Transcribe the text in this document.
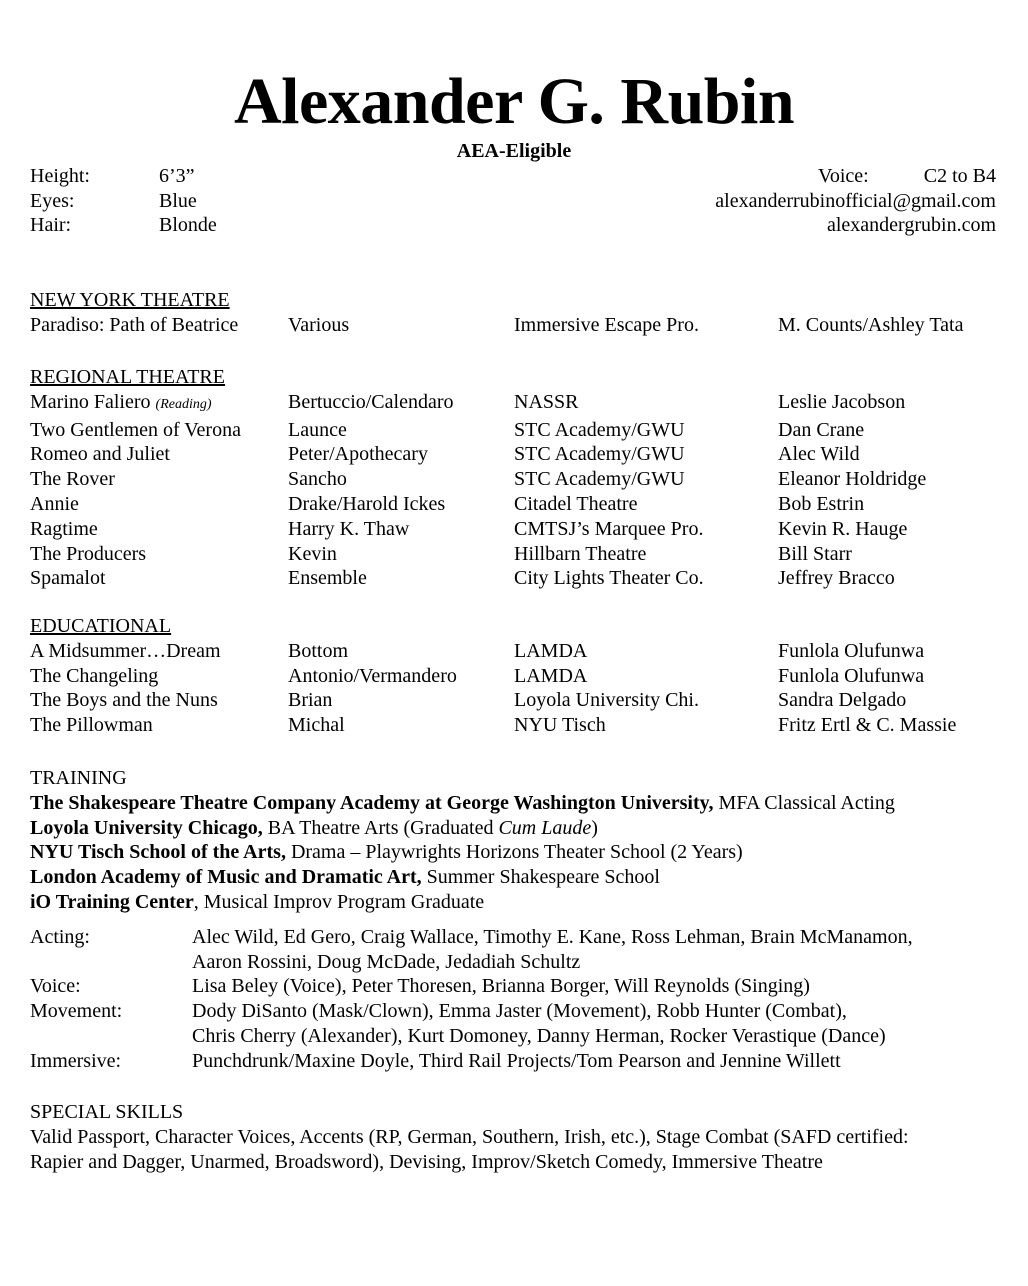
Alexander G. Rubin
AEA-Eligible
Height:	6’3”
Eyes:	Blue
Hair:	Blonde
Voice:	C2 to B4
alexanderrubinofficial@gmail.com
alexandergrubin.com
NEW YORK THEATRE
Paradiso: Path of Beatrice	Various	Immersive Escape Pro.	M. Counts/Ashley Tata
REGIONAL THEATRE
Marino Faliero (Reading)	Bertuccio/Calendaro	NASSR	Leslie Jacobson
Two Gentlemen of Verona	Launce	STC Academy/GWU	Dan Crane
Romeo and Juliet	Peter/Apothecary	STC Academy/GWU	Alec Wild
The Rover	Sancho	STC Academy/GWU	Eleanor Holdridge
Annie	Drake/Harold Ickes	Citadel Theatre	Bob Estrin
Ragtime	Harry K. Thaw	CMTSJ’s Marquee Pro.	Kevin R. Hauge
The Producers	Kevin	Hillbarn Theatre	Bill Starr
Spamalot	Ensemble	City Lights Theater Co.	Jeffrey Bracco
EDUCATIONAL
A Midsummer…Dream	Bottom	LAMDA	Funlola Olufunwa
The Changeling	Antonio/Vermandero	LAMDA	Funlola Olufunwa
The Boys and the Nuns	Brian	Loyola University Chi.	Sandra Delgado
The Pillowman	Michal	NYU Tisch	Fritz Ertl & C. Massie
TRAINING
The Shakespeare Theatre Company Academy at George Washington University, MFA Classical Acting
Loyola University Chicago, BA Theatre Arts (Graduated Cum Laude)
NYU Tisch School of the Arts, Drama – Playwrights Horizons Theater School (2 Years)
London Academy of Music and Dramatic Art, Summer Shakespeare School
iO Training Center, Musical Improv Program Graduate
Acting:	Alec Wild, Ed Gero, Craig Wallace, Timothy E. Kane, Ross Lehman, Brain McManamon,
Aaron Rossini, Doug McDade, Jedadiah Schultz
Voice:	Lisa Beley (Voice), Peter Thoresen, Brianna Borger, Will Reynolds (Singing)
Movement:	Dody DiSanto (Mask/Clown), Emma Jaster (Movement), Robb Hunter (Combat),
Chris Cherry (Alexander), Kurt Domoney, Danny Herman, Rocker Verastique (Dance)
Immersive:	Punchdrunk/Maxine Doyle, Third Rail Projects/Tom Pearson and Jennine Willett
SPECIAL SKILLS
Valid Passport, Character Voices, Accents (RP, German, Southern, Irish, etc.), Stage Combat (SAFD certified:
Rapier and Dagger, Unarmed, Broadsword), Devising, Improv/Sketch Comedy, Immersive Theatre
